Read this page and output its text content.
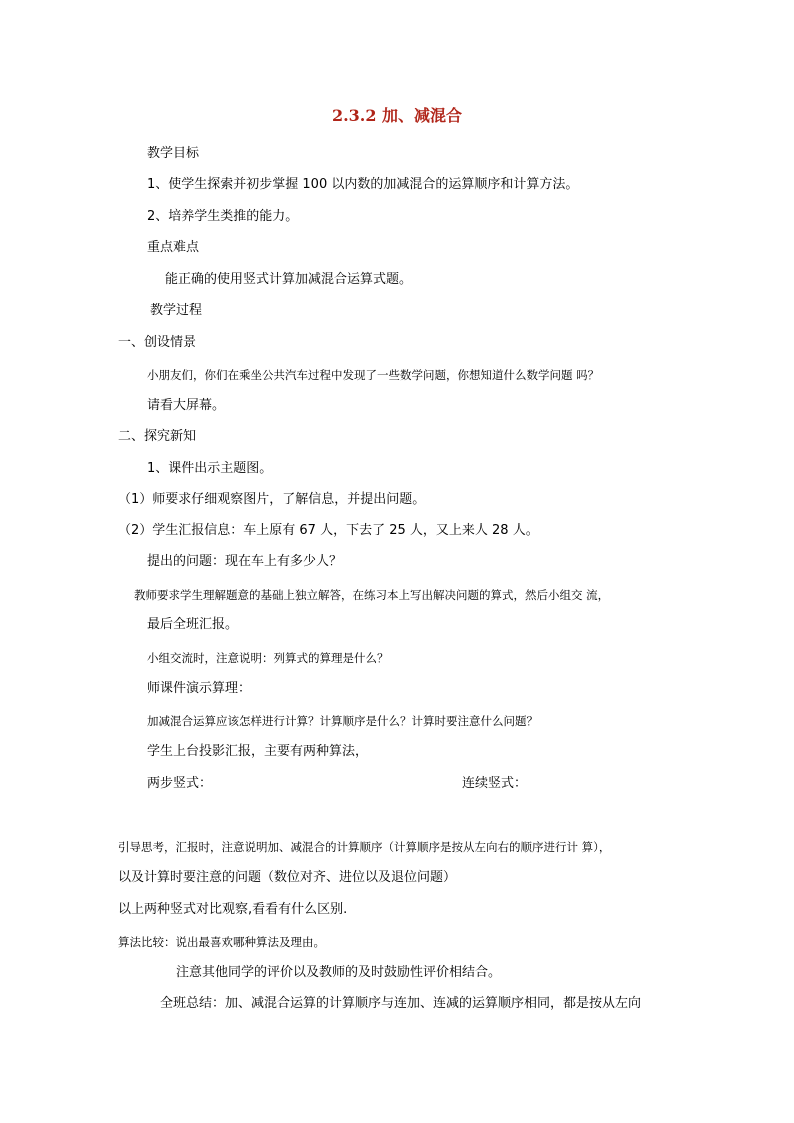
2.3.2 加、减混合
教学目标
1、使学生探索并初步掌握 100 以内数的加减混合的运算顺序和计算方法。
2、培养学生类推的能力。
重点难点
能正确的使用竖式计算加减混合运算式题。
教学过程
一、创设情景
小朋友们，你们在乘坐公共汽车过程中发现了一些数学问题，你想知道什么数学问题 吗？
请看大屏幕。
二、探究新知
1、课件出示主题图。
（1）师要求仔细观察图片，了解信息，并提出问题。
（2）学生汇报信息：车上原有 67 人，下去了 25 人，又上来人 28 人。
提出的问题：现在车上有多少人？
教师要求学生理解题意的基础上独立解答，在练习本上写出解决问题的算式，然后小组交 流，
最后全班汇报。
小组交流时，注意说明：列算式的算理是什么？
师课件演示算理：
加减混合运算应该怎样进行计算？计算顺序是什么？计算时要注意什么问题？
学生上台投影汇报，主要有两种算法，
两步竖式：	连续竖式：
引导思考，汇报时，注意说明加、减混合的计算顺序（计算顺序是按从左向右的顺序进行计 算），
以及计算时要注意的问题（数位对齐、进位以及退位问题）
以上两种竖式对比观察,看看有什么区别.
算法比较：说出最喜欢哪种算法及理由。
注意其他同学的评价以及教师的及时鼓励性评价相结合。
全班总结：加、减混合运算的计算顺序与连加、连减的运算顺序相同，都是按从左向
